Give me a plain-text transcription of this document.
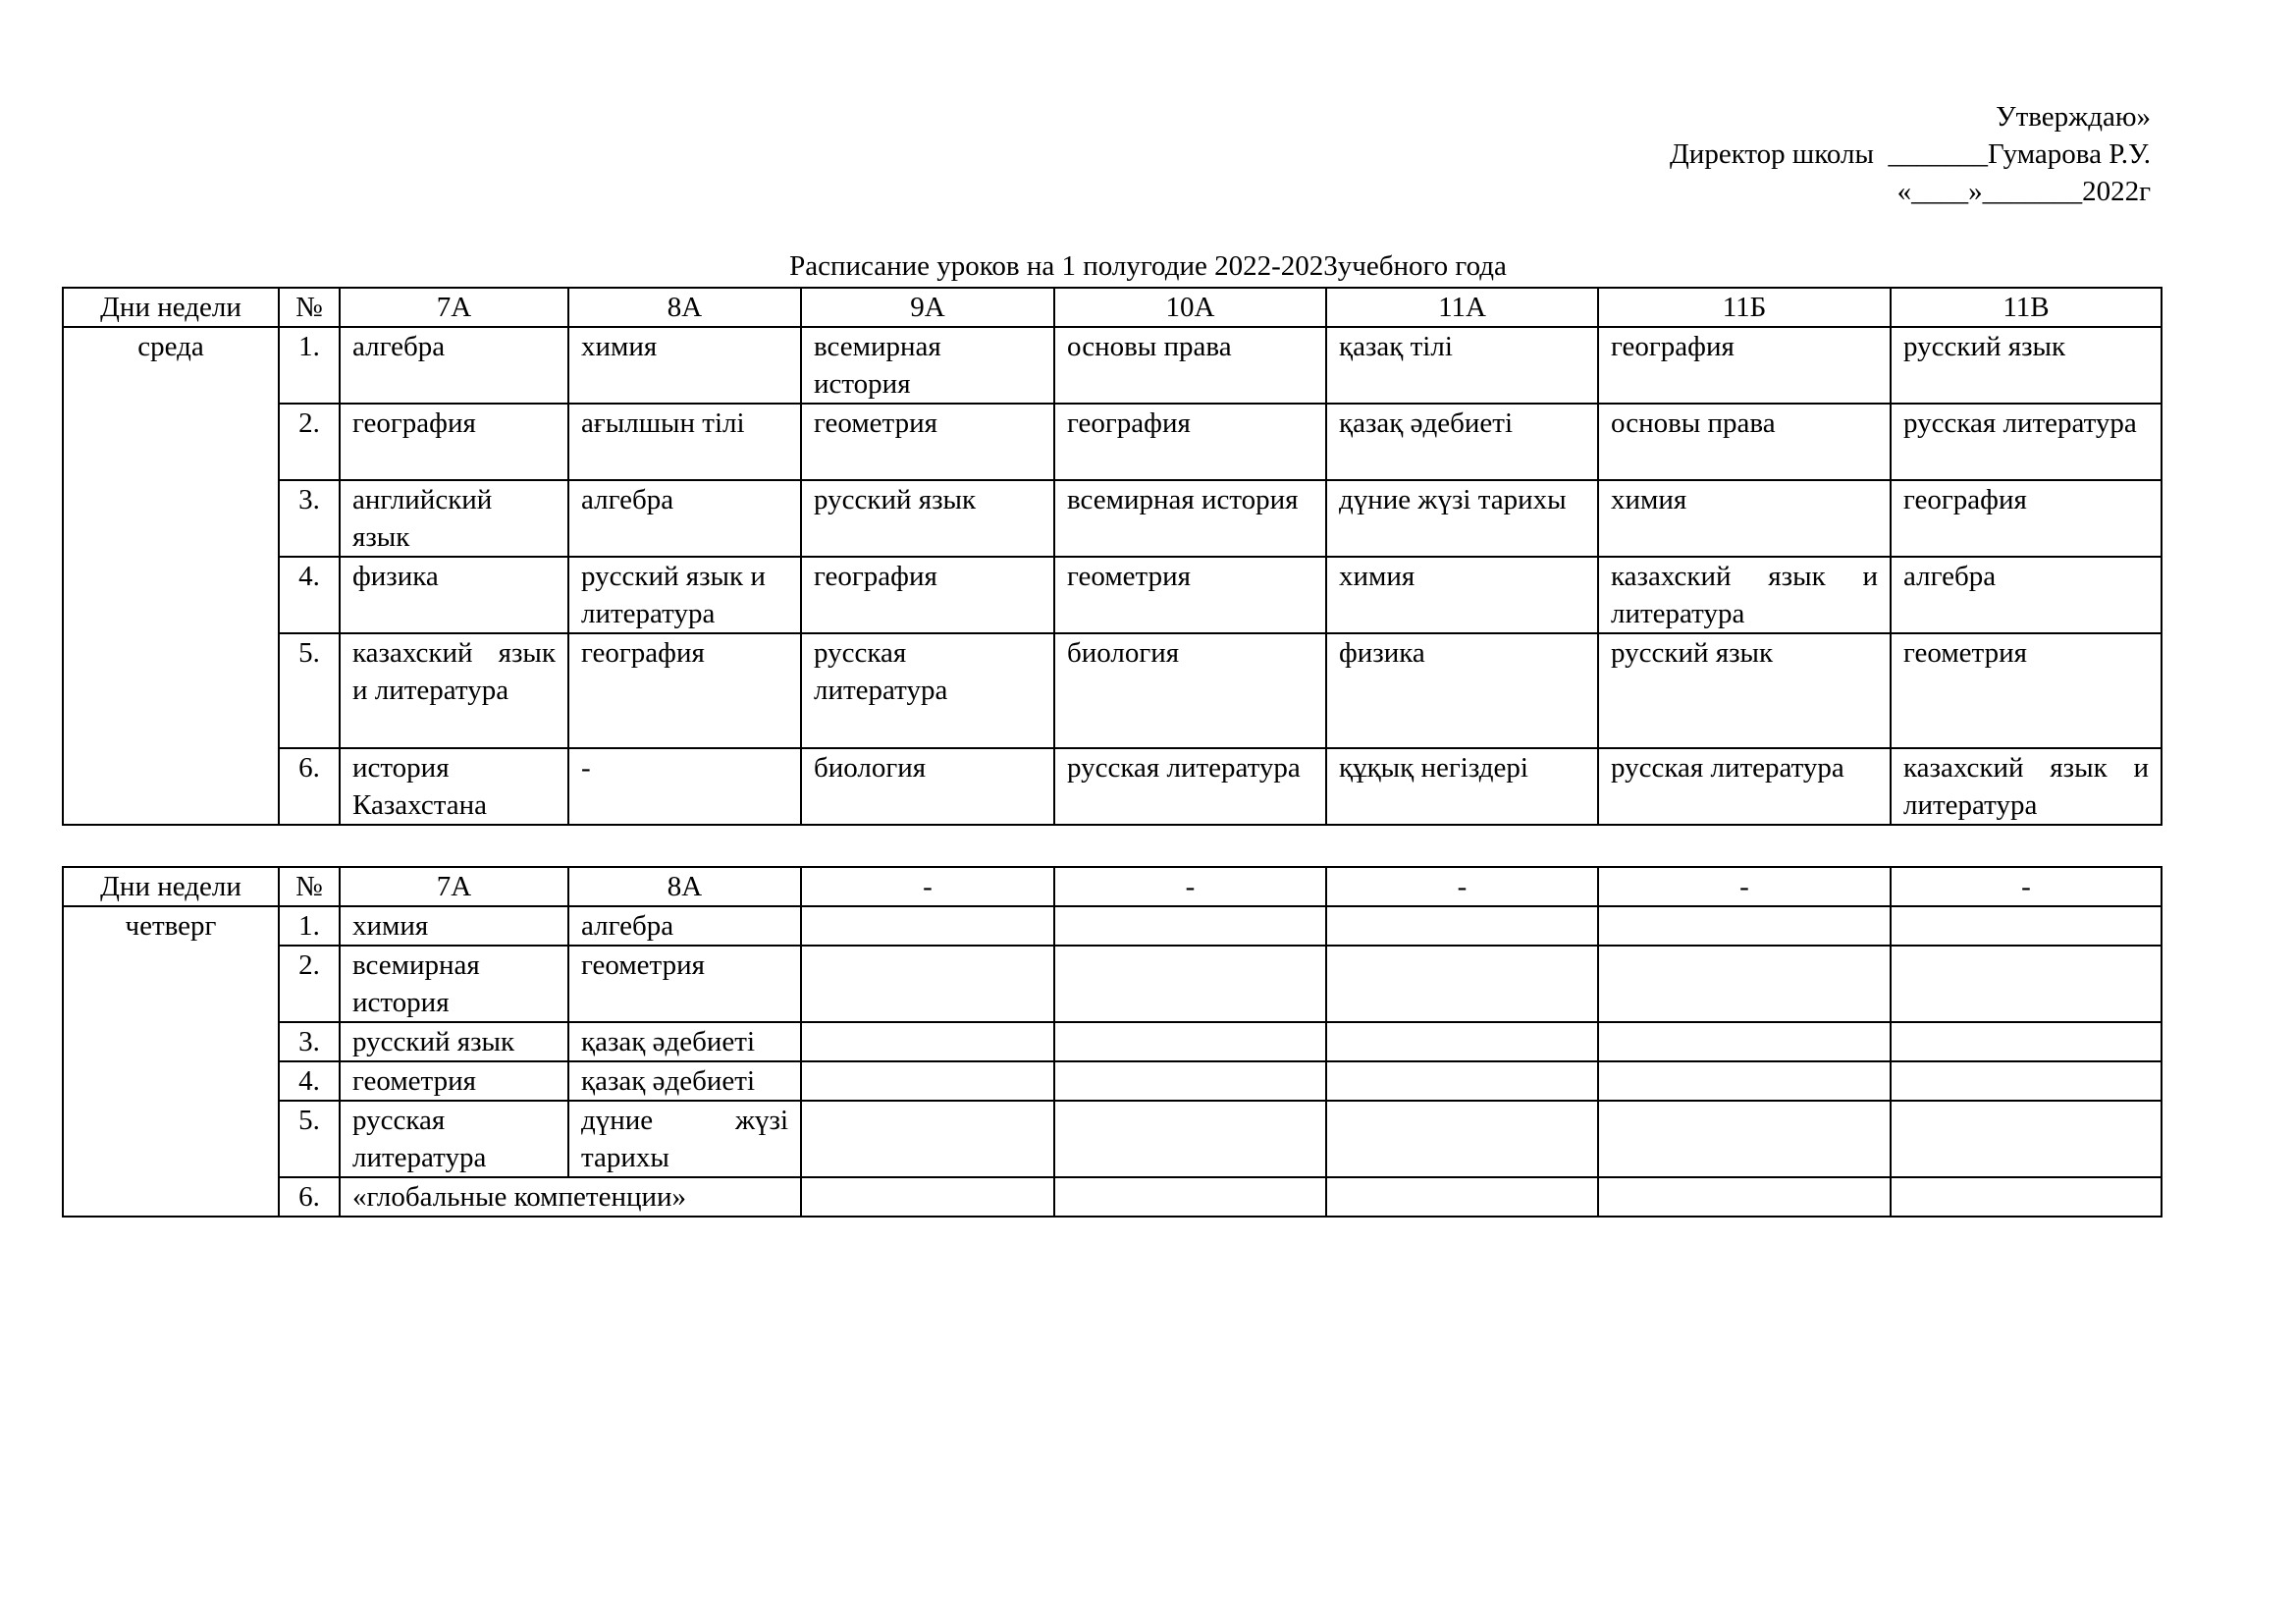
Утверждаю»
Директор школы  _______Гумарова Р.У.
«____»_______2022г
Расписание уроков на 1 полугодие 2022-2023учебного года
Дни недели	№	7А	8А	9А	10А	11А	11Б	11В
среда	1.	алгебра	химия	всемирная история	основы права	қазақ тілі	география	русский язык
	2.	география	ағылшын тілі	геометрия	география	қазақ әдебиеті	основы права	русская литература
	3.	английский язык	алгебра	русский язык	всемирная история	дүние жүзі тарихы	химия	география
	4.	физика	русский язык и литература	география	геометрия	химия	казахский язык и литература	алгебра
	5.	казахский язык и литература	география	русская литература	биология	физика	русский язык	геометрия
	6.	история Казахстана	-	биология	русская литература	құқық негіздері	русская литература	казахский язык и литература
Дни недели	№	7А	8А	-	-	-	-	-
четверг	1.	химия	алгебра					
	2.	всемирная история	геометрия					
	3.	русский язык	қазақ әдебиеті					
	4.	геометрия	қазақ әдебиеті					
	5.	русская литература	дүние жүзі тарихы					
	6.	«глобальные компетенции»						
